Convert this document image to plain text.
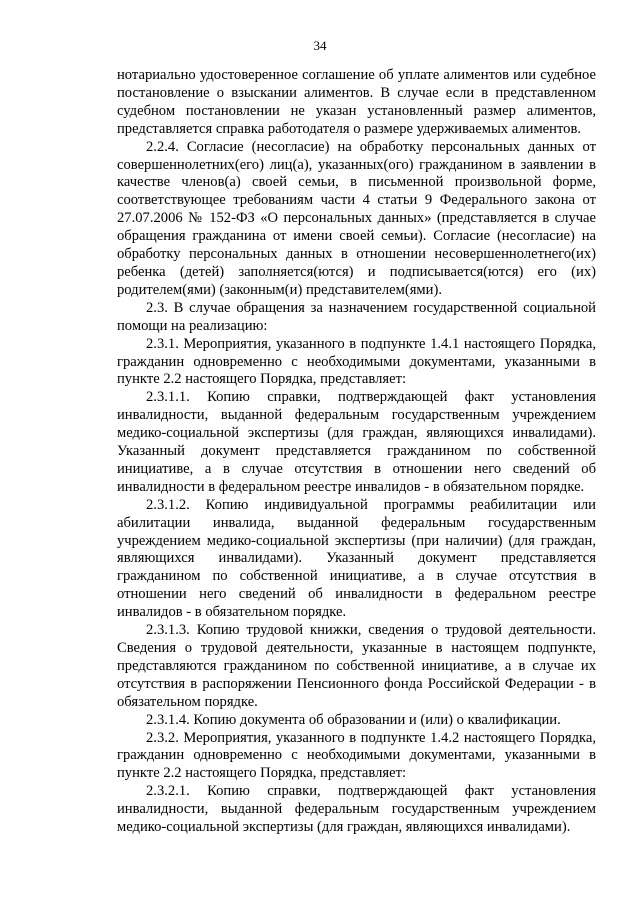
34

нотариально удостоверенное соглашение об уплате алиментов или судебное постановление о взыскании алиментов. В случае если в представленном судебном постановлении не указан установленный размер алиментов, представляется справка работодателя о размере удерживаемых алиментов.

2.2.4. Согласие (несогласие) на обработку персональных данных от совершеннолетних(его) лиц(а), указанных(ого) гражданином в заявлении в качестве членов(а) своей семьи, в письменной произвольной форме, соответствующее требованиям части 4 статьи 9 Федерального закона от 27.07.2006 № 152-ФЗ «О персональных данных» (представляется в случае обращения гражданина от имени своей семьи). Согласие (несогласие) на обработку персональных данных в отношении несовершеннолетнего(их) ребенка (детей) заполняется(ются) и подписывается(ются) его (их) родителем(ями) (законным(и) представителем(ями).

2.3. В случае обращения за назначением государственной социальной помощи на реализацию:

2.3.1. Мероприятия, указанного в подпункте 1.4.1 настоящего Порядка, гражданин одновременно с необходимыми документами, указанными в пункте 2.2 настоящего Порядка, представляет:

2.3.1.1. Копию справки, подтверждающей факт установления инвалидности, выданной федеральным государственным учреждением медико-социальной экспертизы (для граждан, являющихся инвалидами). Указанный документ представляется гражданином по собственной инициативе, а в случае отсутствия в отношении него сведений об инвалидности в федеральном реестре инвалидов - в обязательном порядке.

2.3.1.2. Копию индивидуальной программы реабилитации или абилитации инвалида, выданной федеральным государственным учреждением медико-социальной экспертизы (при наличии) (для граждан, являющихся инвалидами). Указанный документ представляется гражданином по собственной инициативе, а в случае отсутствия в отношении него сведений об инвалидности в федеральном реестре инвалидов - в обязательном порядке.

2.3.1.3. Копию трудовой книжки, сведения о трудовой деятельности. Сведения о трудовой деятельности, указанные в настоящем подпункте, представляются гражданином по собственной инициативе, а в случае их отсутствия в распоряжении Пенсионного фонда Российской Федерации - в обязательном порядке.

2.3.1.4. Копию документа об образовании и (или) о квалификации.

2.3.2. Мероприятия, указанного в подпункте 1.4.2 настоящего Порядка, гражданин одновременно с необходимыми документами, указанными в пункте 2.2 настоящего Порядка, представляет:

2.3.2.1. Копию справки, подтверждающей факт установления инвалидности, выданной федеральным государственным учреждением медико-социальной экспертизы (для граждан, являющихся инвалидами).
